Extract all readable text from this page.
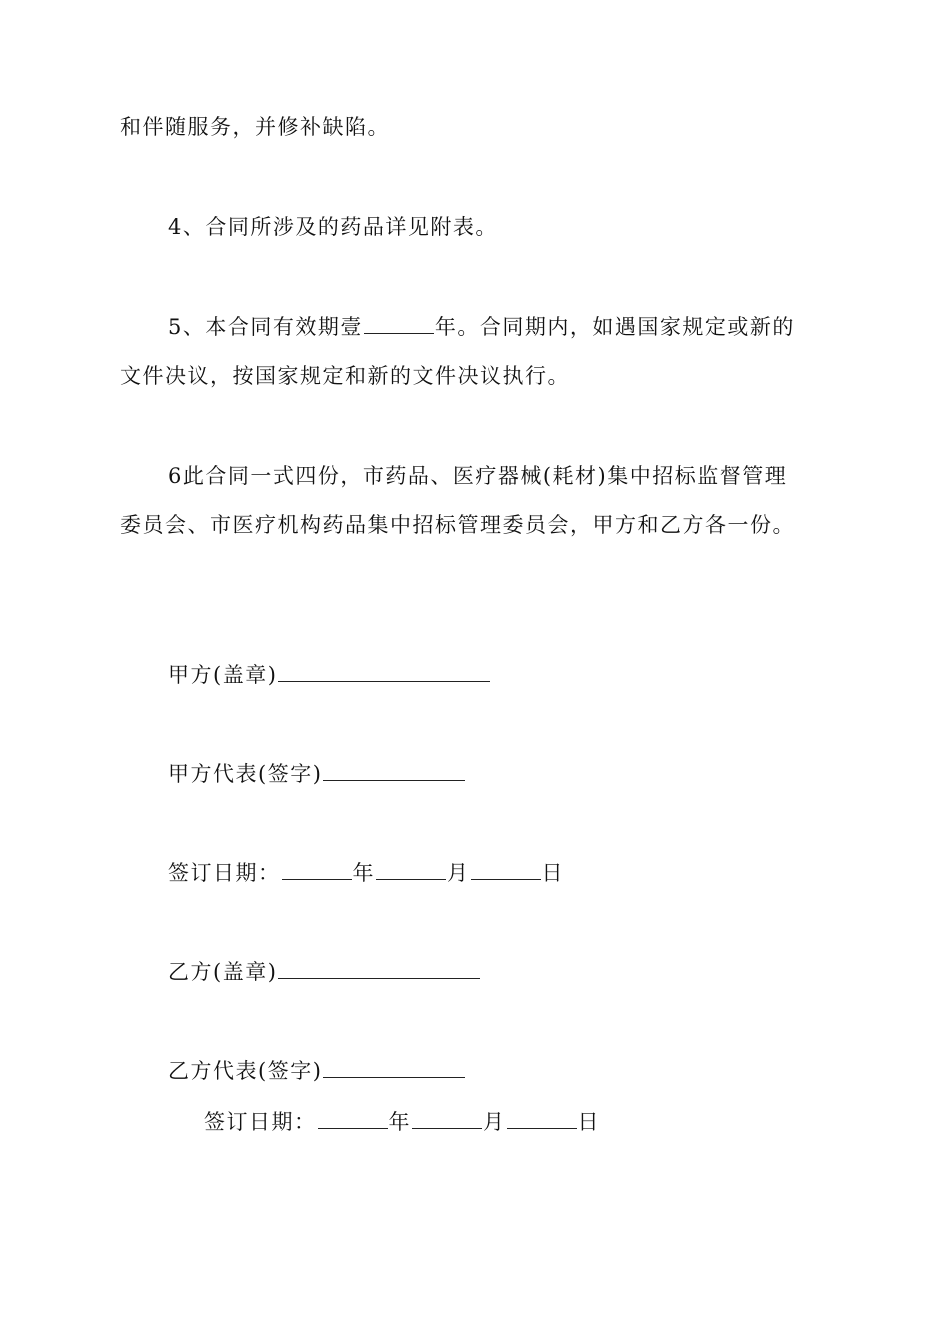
和伴随服务，并修补缺陷。
4、合同所涉及的药品详见附表。
5、本合同有效期壹	年。合同期内，如遇国家规定或新的
文件决议，按国家规定和新的文件决议执行。
6此合同一式四份，市药品、医疗器械(耗材)集中招标监督管理
委员会、市医疗机构药品集中招标管理委员会，甲方和乙方各一份。
甲方(盖章)
甲方代表(签字)
签订日期：	年	月	日
乙方(盖章)
乙方代表(签字)
签订日期：	年	月	日
